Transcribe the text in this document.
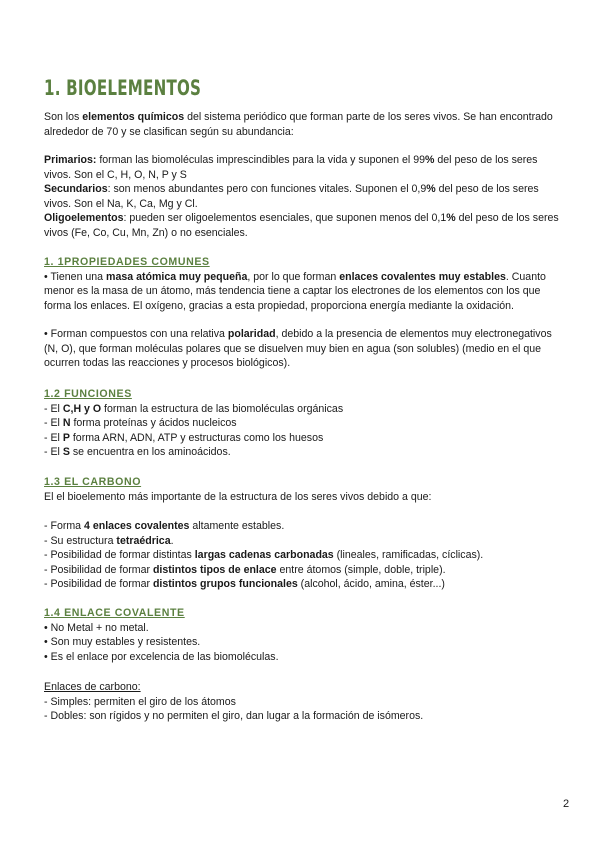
1. BIOELEMENTOS

Son los elementos químicos del sistema periódico que forman parte de los seres vivos. Se han encontrado alrededor de 70 y se clasifican según su abundancia:

Primarios: forman las biomoléculas imprescindibles para la vida y suponen el 99% del peso de los seres vivos. Son el C, H, O, N, P y S

Secundarios: son menos abundantes pero con funciones vitales. Suponen el 0,9% del peso de los seres vivos. Son el Na, K, Ca, Mg y Cl.

Oligoelementos: pueden ser oligoelementos esenciales, que suponen menos del 0,1% del peso de los seres vivos (Fe, Co, Cu, Mn, Zn) o no esenciales.

1. 1PROPIEDADES COMUNES

• Tienen una masa atómica muy pequeña, por lo que forman enlaces covalentes muy estables. Cuanto menor es la masa de un átomo, más tendencia tiene a captar los electrones de los elementos con los que forma los enlaces. El oxígeno, gracias a esta propiedad, proporciona energía mediante la oxidación.

• Forman compuestos con una relativa polaridad, debido a la presencia de elementos muy electronegativos (N, O), que forman moléculas polares que se disuelven muy bien en agua (son solubles) (medio en el que ocurren todas las reacciones y procesos biológicos).

1.2 FUNCIONES

- El C,H y O forman la estructura de las biomoléculas orgánicas

- El N forma proteínas y ácidos nucleicos

- El P forma ARN, ADN, ATP y estructuras como los huesos

- El S se encuentra en los aminoácidos.

1.3 EL CARBONO

El el bioelemento más importante de la estructura de los seres vivos debido a que:

- Forma 4 enlaces covalentes altamente estables.

- Su estructura tetraédrica.

- Posibilidad de formar distintas largas cadenas carbonadas (lineales, ramificadas, cíclicas).

- Posibilidad de formar distintos tipos de enlace entre átomos (simple, doble, triple).

- Posibilidad de formar distintos grupos funcionales (alcohol, ácido, amina, éster...)

1.4 ENLACE COVALENTE

• No Metal + no metal.

• Son muy estables y resistentes.

• Es el enlace por excelencia de las biomoléculas.

Enlaces de carbono:

- Simples: permiten el giro de los átomos

- Dobles: son rígidos y no permiten el giro, dan lugar a la formación de isómeros.

2
